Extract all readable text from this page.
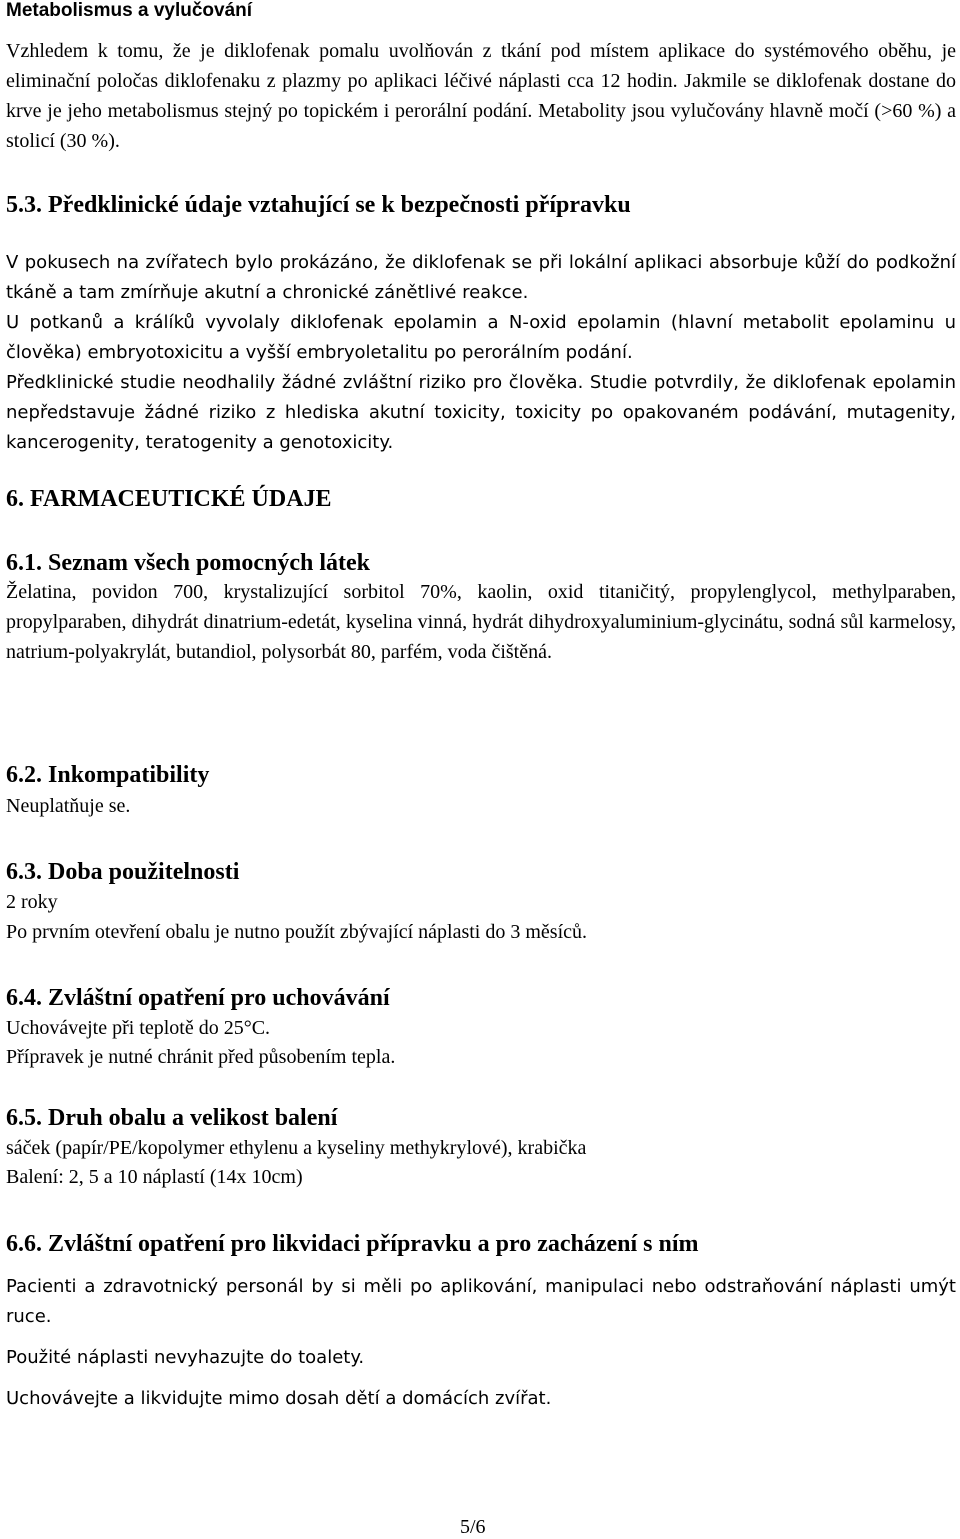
Metabolismus a vylučování

Vzhledem k tomu, že je diklofenak pomalu uvolňován z tkání pod místem aplikace do systémového oběhu, je eliminační poločas diklofenaku z plazmy po aplikaci léčivé náplasti cca 12 hodin. Jakmile se diklofenak dostane do krve je jeho metabolismus stejný po topickém i perorální podání. Metabolity jsou vylučovány hlavně močí (>60 %) a stolicí (30 %).

5.3. Předklinické údaje vztahující se k bezpečnosti přípravku

V pokusech na zvířatech bylo prokázáno, že diklofenak se při lokální aplikaci absorbuje kůží do podkožní tkáně a tam zmírňuje akutní a chronické zánětlivé reakce.

U potkanů a králíků vyvolaly diklofenak epolamin a N-oxid epolamin (hlavní metabolit epolaminu u člověka) embryotoxicitu a vyšší embryoletalitu po perorálním podání.

Předklinické studie neodhalily žádné zvláštní riziko pro člověka. Studie potvrdily, že diklofenak epolamin nepředstavuje žádné riziko z hlediska akutní toxicity, toxicity po opakovaném podávání, mutagenity, kancerogenity, teratogenity a genotoxicity.

6. FARMACEUTICKÉ ÚDAJE
6.1. Seznam všech pomocných látek

Želatina, povidon 700, krystalizující sorbitol 70%, kaolin, oxid titaničitý, propylenglycol, methylparaben, propylparaben, dihydrát dinatrium-edetát, kyselina vinná, hydrát dihydroxyaluminium-glycinátu, sodná sůl karmelosy, natrium-polyakrylát, butandiol, polysorbát 80, parfém, voda čištěná.

6.2. Inkompatibility

Neuplatňuje se.

6.3. Doba použitelnosti

2 roky

Po prvním otevření obalu je nutno použít zbývající náplasti do 3 měsíců.

6.4. Zvláštní opatření pro uchovávání

Uchovávejte při teplotě do 25°C.

Přípravek je nutné chránit před působením tepla.

6.5. Druh obalu a velikost balení

sáček (papír/PE/kopolymer ethylenu a kyseliny methykrylové), krabička

Balení: 2, 5 a 10 náplastí (14x 10cm)

6.6. Zvláštní opatření pro likvidaci přípravku a pro zacházení s ním

Pacienti a zdravotnický personál by si měli po aplikování, manipulaci nebo odstraňování náplasti umýt ruce.

Použité náplasti nevyhazujte do toalety.

Uchovávejte a likvidujte mimo dosah dětí a domácích zvířat.

5/6
